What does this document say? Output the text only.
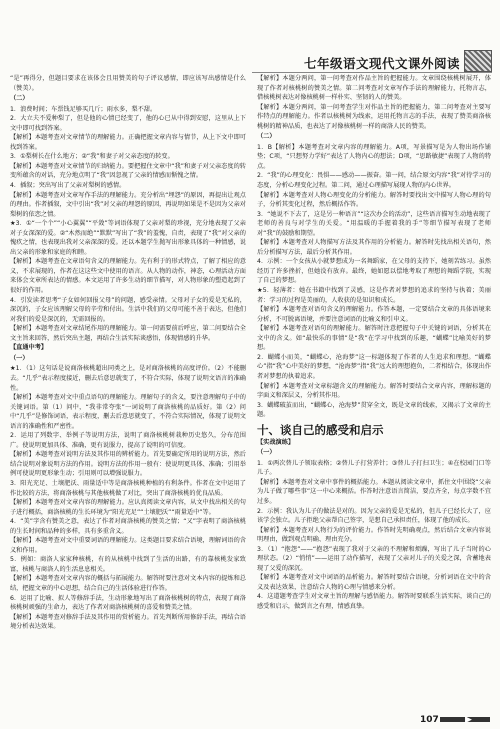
七年级语文现代文课外阅读

“是”再得分，但题目要求在该体会且用赞美的句子评议感情，即应该写出感情是什么（赞美）。

（二）

1．浪费时间；车票钱足够买几斤；雨水多，梨不甜。

2．大立夫不爱种梨了，但是他的心情已经变了，他的心已从中得到安慰，这里从上下文中即可找到答案。

【解析】本题考查对文章情节的理解能力。正确把握文章内容与情节，从上下文中即可找到答案。

3．①梨树长在什么地方；②“我”和妻子对父亲态度的转变。

【解析】本题考查对文章情节的归纳能力。要把握住文章中“我”和妻子对父亲态度的转变所蕴含的对话，充分地点明了“我”因忽视了父亲的情感而惭愧之情。

4．插叙；突出写出了父亲对梨树的感情。

【解析】本题考查对文章写作手法的理解能力。充分析出“埋怨”的原因，再提出让观点的理由。作者插叙，文中引出“我”对父亲的埋怨的原因，再说明如果是不是因为父亲对梨树的依恋之情。

★3．①“一个个”“小心翼翼”“平敛”等词语体现了父亲对梨的珍视，充分地表现了父亲对子女深深的爱。②“木然而绝”“默默”写出了“我”的羞愧，自责，表现了“我”对父亲的愧疚之情，也表现出我对父亲深深的爱。还以本题学生抛写出形象具体的一种情感，说出父亲的形象和家庭的和睦。

【解析】本题考查在文章语句含义的理解能力。先有利于的形式特点，了解了相应的意义，不求展现的，作者在这这些文中使用的语言。从人物的动作，神态，心理活动方面来体会文章所表达的情感。本文运用了许多生动的细节描写，对人物形象的塑造起到了很好的作用。

4．引发读者思考“子女如何回报父母”的问题，感受亲情。父母对子女的爱是无私的，深沉的，子女应该理解父母的辛劳和付出。生活中我们的父母可能不善于表达，但他们对我们的爱是深沉的，无需回报的。

【解析】本题考查对文章结尾作用的理解能力。第一问需要前后呼应，第二问要结合全文主旨来回答，然后突出主题，再结合生活实际谈感悟，体现情感的升华。

【直通中考】

（一）

★1．（1）这句话是说商洛核桃超出同类之上，是对商洛核桃的高度评价。（2）不能删去。“几乎”表示程度接近，删去后意思就变了，不符合实际，体现了说明文语言的准确性。

【解析】本题考查对文中重点语句的理解能力。理解句子的含义，要注意理解句子中的关键词语。第（1）问中，“我非常夸张”一词说明了商洛核桃的品质好。第（2）问中“几乎”是修饰词语，表示程度，删去后意思就变了，不符合实际情况，体现了说明文语言的准确性和严密性。

2．运用了列数字、举例子等说明方法，说明了商洛核桃树栽种历史悠久，分布范围广。使说明更加具体、准确，更有说服力，提高了说明的可信度。

【解析】本题考查对说明方法及其作用的辨析能力。首先要确定所用的说明方法，然后结合说明对象说明方法的作用。说明方法的作用一般有：使说明更具体、准确；引用举例可使说明更形象生动；引用则可以增强说服力。

3．阳光充足、土壤肥沃、雨量适中等是商洛核桃种植的有利条件。作者在文中运用了作比较的方法，将商洛核桃与其他核桃做了对比，突出了商洛核桃的优良品质。

【解析】本题考查对文章内容的理解能力。应认真阅读文章内容，从文中找出相关的句子进行概括，商洛核桃的生长环境为“阳光充足”“土壤肥沃”“雨量适中”等。

4．“美”字含有赞美之意，表达了作者对商洛核桃的赞美之情；“又”字表明了商洛核桃的生长时间和品种的多样，具有多重含义。

【解析】本题考查对文中重要词语的理解能力。这类题目要求结合语境，理解词语的含义和作用。

5．例如：商洛人家家种核桃，有的从核桃中找到了生活的出路，有的靠核桃发家致富，核桃与商洛人的生活息息相关。

【解析】本题考查对文章内容的概括与拓展能力。解答时要注意对文本内容的提炼和总结，把握文章的中心思想，结合自己的生活体验进行作答。

6．运用了比喻、拟人等修辞手法，生动形象地写出了商洛核桃树的特点，表现了商洛核桃树顽强的生命力，表达了作者对商洛核桃树的喜爱和赞美之情。

【解析】本题考查对修辞手法及其作用的赏析能力。首先判断所用修辞手法，再结合语境分析表达效果。

【解析】本题分两问，第一问考查对作品主旨的把握能力。文章围绕核桃树展开，体现了作者对核桃树的赞美之情。第二问考查对文章写作手法的理解能力，托物言志，借核桃树表达对像核桃树一样朴实、坚韧的人的赞美。

【解析】本题分两问，第一问考查学生对作品主旨的把握能力，第二问考查对主要写作特点的理解能力。作者以核桃树为线索，运用托物言志的手法，表现了赞美商洛核桃树的精神品质，也表达了对像核桃树一样的商洛人民的赞美。

（二）

1．B【解析】本题考查对文章内容的理解能力。A项，写景描写是为人物出场作铺垫；C项，“只想努力学好”表达了人物内心的想法；D项，“思路敏捷”表现了人物的特点。

2．“我”的心理变化：畏惧——感动——振奋。第一问，结合原文内容“我”对待学习的态度，分析心理变化过程。第二问，通过心理描写展现人物的内心世界。

【解析】本题考查对人物心理变化的分析能力。解答时要找出文中描写人物心理的句子，分析其变化过程，然后概括作答。

3．“她说不下去了，这是另一种语言”“这次办会的活动”，这些语言描写生动地表现了老师的善良与对学生的关爱。“用温暖的手握着我的手”等细节描写表现了老师对“我”的鼓励和期望。

【解析】本题考查对人物描写方法及其作用的分析能力。解答时先找出相关语句，然后分析描写方法，最后分析其作用。

4．示例：一个女孩从小就梦想成为一名舞蹈家，在父母的支持下，她刻苦练习。虽然经历了许多挫折，但她没有放弃。最终，她如愿以偿地考取了理想的舞蹈学院，实现了自己的梦想。

★5．轻薄者：她在书籍中找到了灵感，这是作者对梦想的追求的坚持与执着；美丽者：学习的过程是美丽的，人收获的是知识和成长。

【解析】本题考查对语句含义的理解能力。作答本题，一定要结合文章的具体语境来分析，不可脱离语境，并要注意词语的比喻义和引申义。

【解析】本题考查对语句的理解能力。解答时注意把握句子中关键的词语，分析其在文中的含义。如“最快乐的事情”是“我”在学习中找到的乐趣，“蝴蝶”比喻美好的梦想。

2．蝴蝶小而美，“蝴蝶心，沧海梦”这一标题体现了作者的人生追求和理想。“蝴蝶心”指“我”心中美好的梦想，“沧海梦”指“我”远大的理想抱负，二者相结合，体现出作者对梦想的执着追求。

【解析】本题考查对文章标题含义的理解能力。解答时要结合文章内容，理解标题的字面义和深层义，分析其作用。

3．蝴蝶破茧而出，“蝴蝶心，沧海梦”贯穿全文，既是文章的线索，又揭示了文章的主题。

十、谈自己的感受和启示

【实战演练】

（一）

1．①两次替儿子领取表格；②替儿子打营养针；③替儿子打扫卫生；④在校园门口等儿子。

【解析】本题考查对文章中事件的概括能力。本题从阅读文章中，抓住文中围绕“父亲为儿子做了哪些事”这一中心来概括。作答时注意语言简洁，要点齐全，每点字数不宜过多。

2．示例：我认为儿子的做法是对的。因为父亲的爱是无私的，但儿子已经长大了，应该学会独立。儿子拒绝父亲帮自己签字，是想自己承担责任，体现了他的成长。

【解析】本题考查对人物行为的评价能力。作答时先明确观点，然后结合文章内容说明理由，做到观点明确、理由充分。

3．（1）“抱怨”——“抱怨”表现了我对于父亲的不理解和烦躁，写出了儿子当时的心理状态。（2）“悄悄”——运用了动作描写，表现了父亲对儿子的关爱之深，含蓄地表现了父爱的深沉。

【解析】本题考查对文中词语的品析能力。解答时要结合语境，分析词语在文中的含义及表达效果，注意结合人物的心理与情感来分析。

4．这道题考查学生对文章主旨的理解与感悟能力。解答时要联系生活实际，谈自己的感受和启示，做到言之有理，情感真挚。

107	▶
